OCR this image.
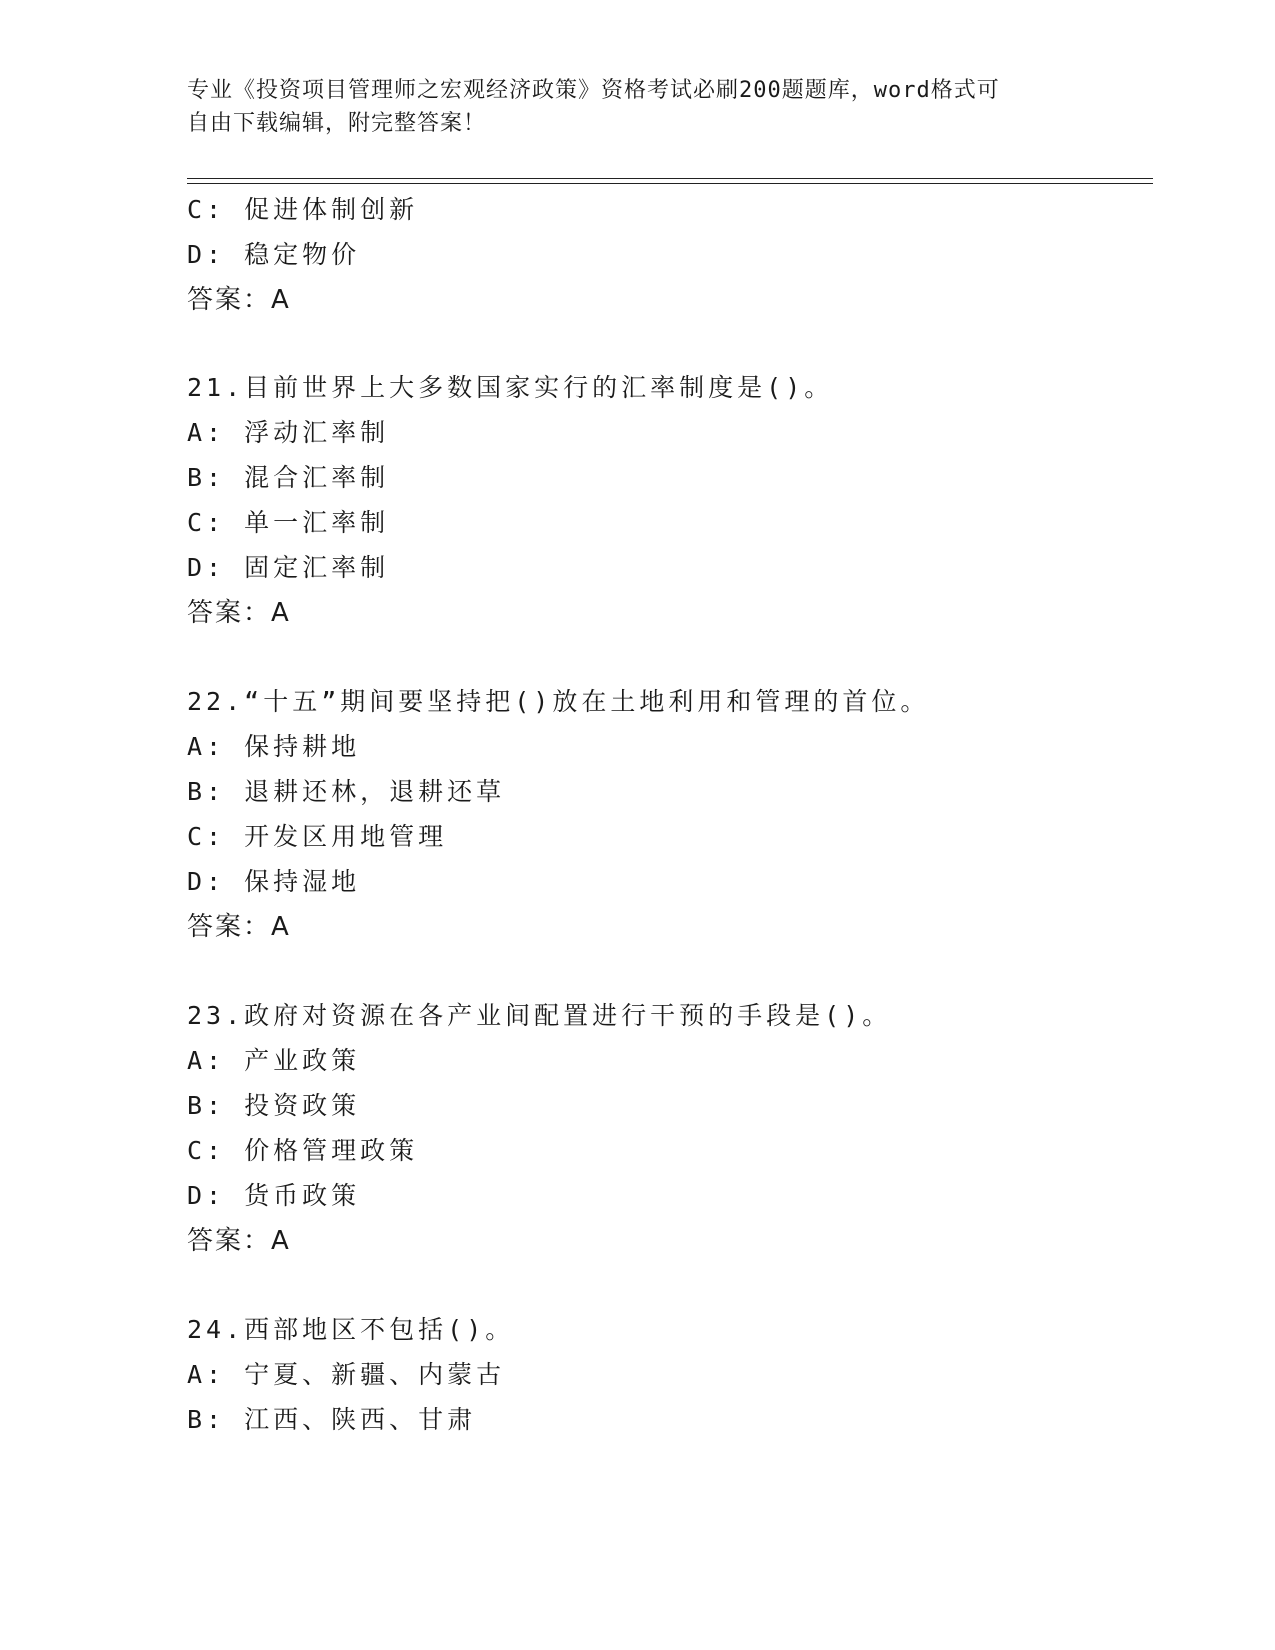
专业《投资项目管理师之宏观经济政策》资格考试必刷200题题库，word格式可
自由下载编辑，附完整答案！
C: 促进体制创新
D: 稳定物价
答案：A
21.目前世界上大多数国家实行的汇率制度是()。
A: 浮动汇率制
B: 混合汇率制
C: 单一汇率制
D: 固定汇率制
答案：A
22.“十五”期间要坚持把()放在土地利用和管理的首位。
A: 保持耕地
B: 退耕还林，退耕还草
C: 开发区用地管理
D: 保持湿地
答案：A
23.政府对资源在各产业间配置进行干预的手段是()。
A: 产业政策
B: 投资政策
C: 价格管理政策
D: 货币政策
答案：A
24.西部地区不包括()。
A: 宁夏、新疆、内蒙古
B: 江西、陕西、甘肃
